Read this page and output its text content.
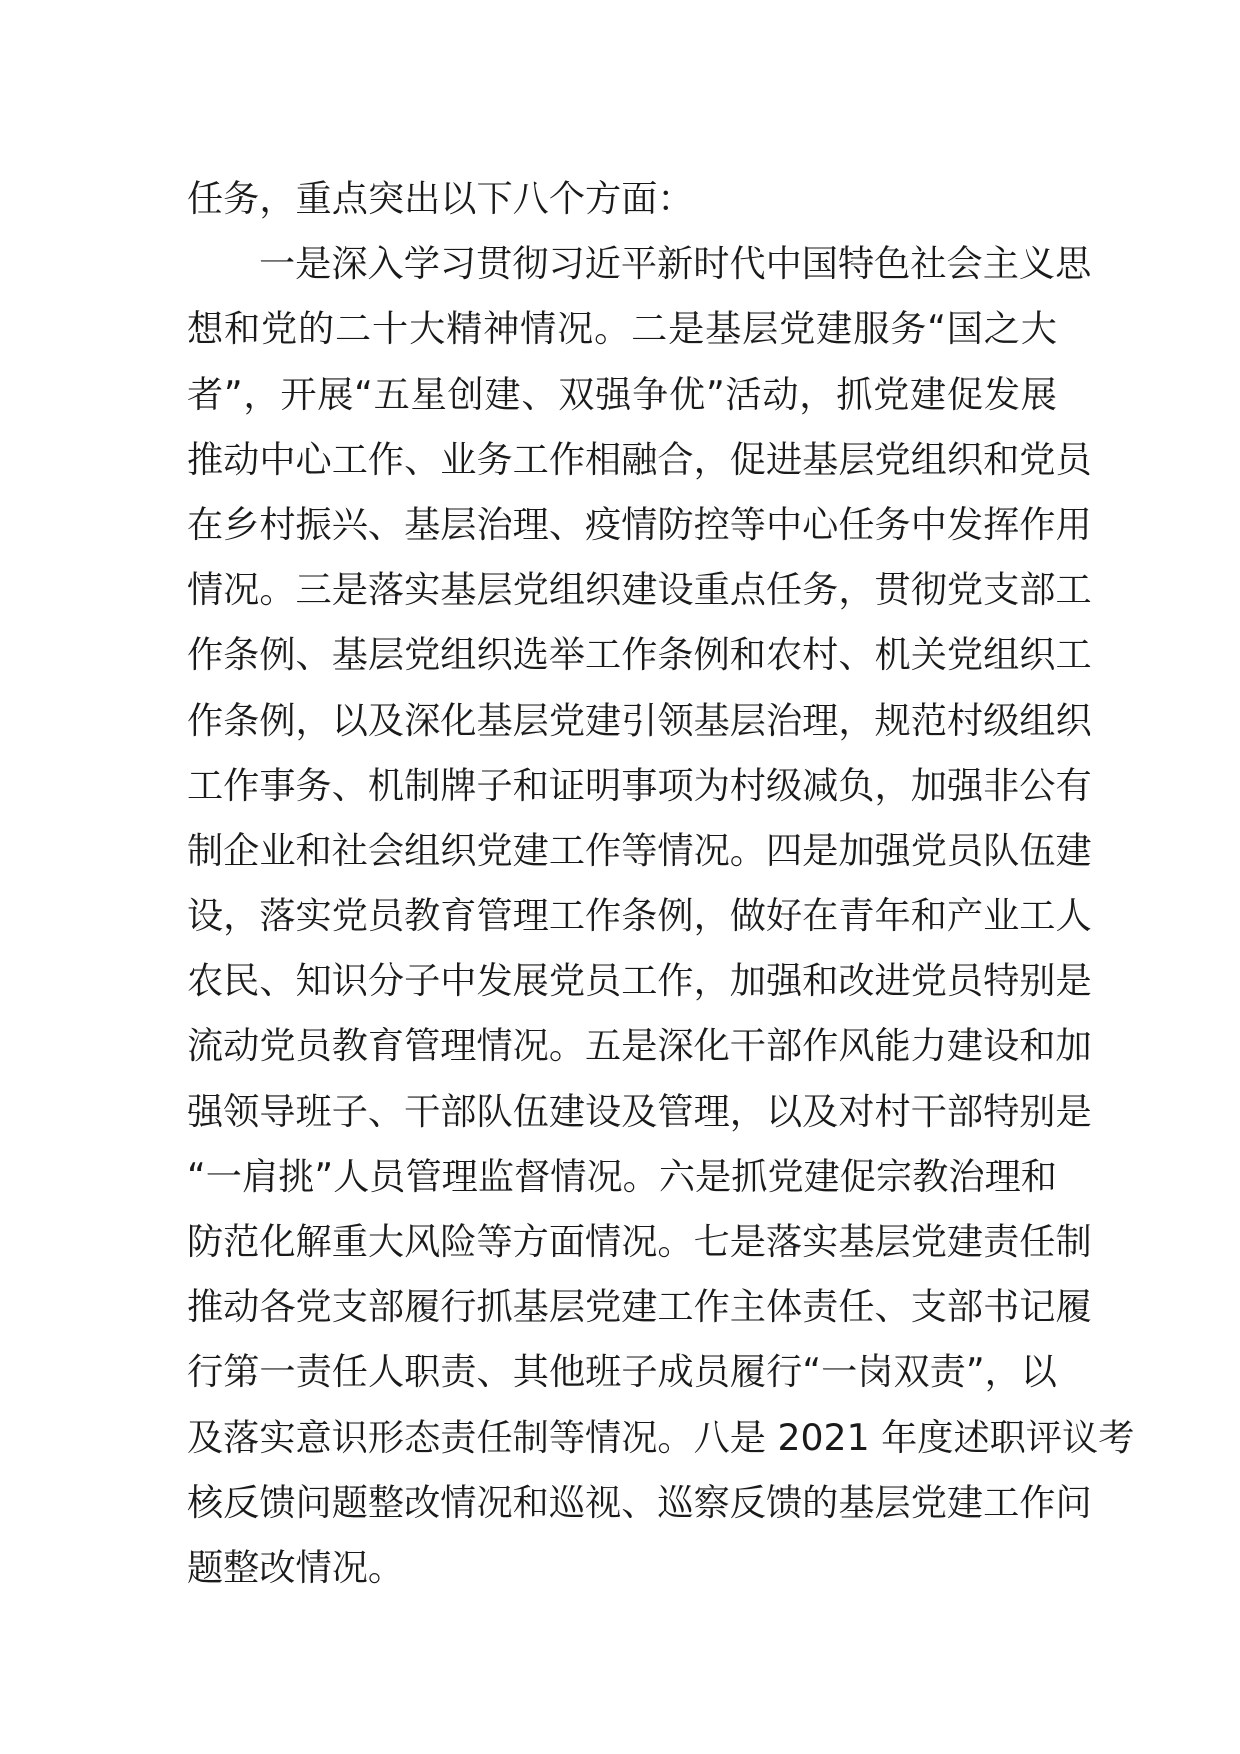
任务，重点突出以下八个方面：
一是深入学习贯彻习近平新时代中国特色社会主义思
想和党的二十大精神情况。二是基层党建服务“国之大
者”，开展“五星创建、双强争优”活动，抓党建促发展
推动中心工作、业务工作相融合，促进基层党组织和党员
在乡村振兴、基层治理、疫情防控等中心任务中发挥作用
情况。三是落实基层党组织建设重点任务，贯彻党支部工
作条例、基层党组织选举工作条例和农村、机关党组织工
作条例，以及深化基层党建引领基层治理，规范村级组织
工作事务、机制牌子和证明事项为村级减负，加强非公有
制企业和社会组织党建工作等情况。四是加强党员队伍建
设，落实党员教育管理工作条例，做好在青年和产业工人
农民、知识分子中发展党员工作，加强和改进党员特别是
流动党员教育管理情况。五是深化干部作风能力建设和加
强领导班子、干部队伍建设及管理，以及对村干部特别是
“一肩挑”人员管理监督情况。六是抓党建促宗教治理和
防范化解重大风险等方面情况。七是落实基层党建责任制
推动各党支部履行抓基层党建工作主体责任、支部书记履
行第一责任人职责、其他班子成员履行“一岗双责”，以
及落实意识形态责任制等情况。八是 2021 年度述职评议考
核反馈问题整改情况和巡视、巡察反馈的基层党建工作问
题整改情况。
